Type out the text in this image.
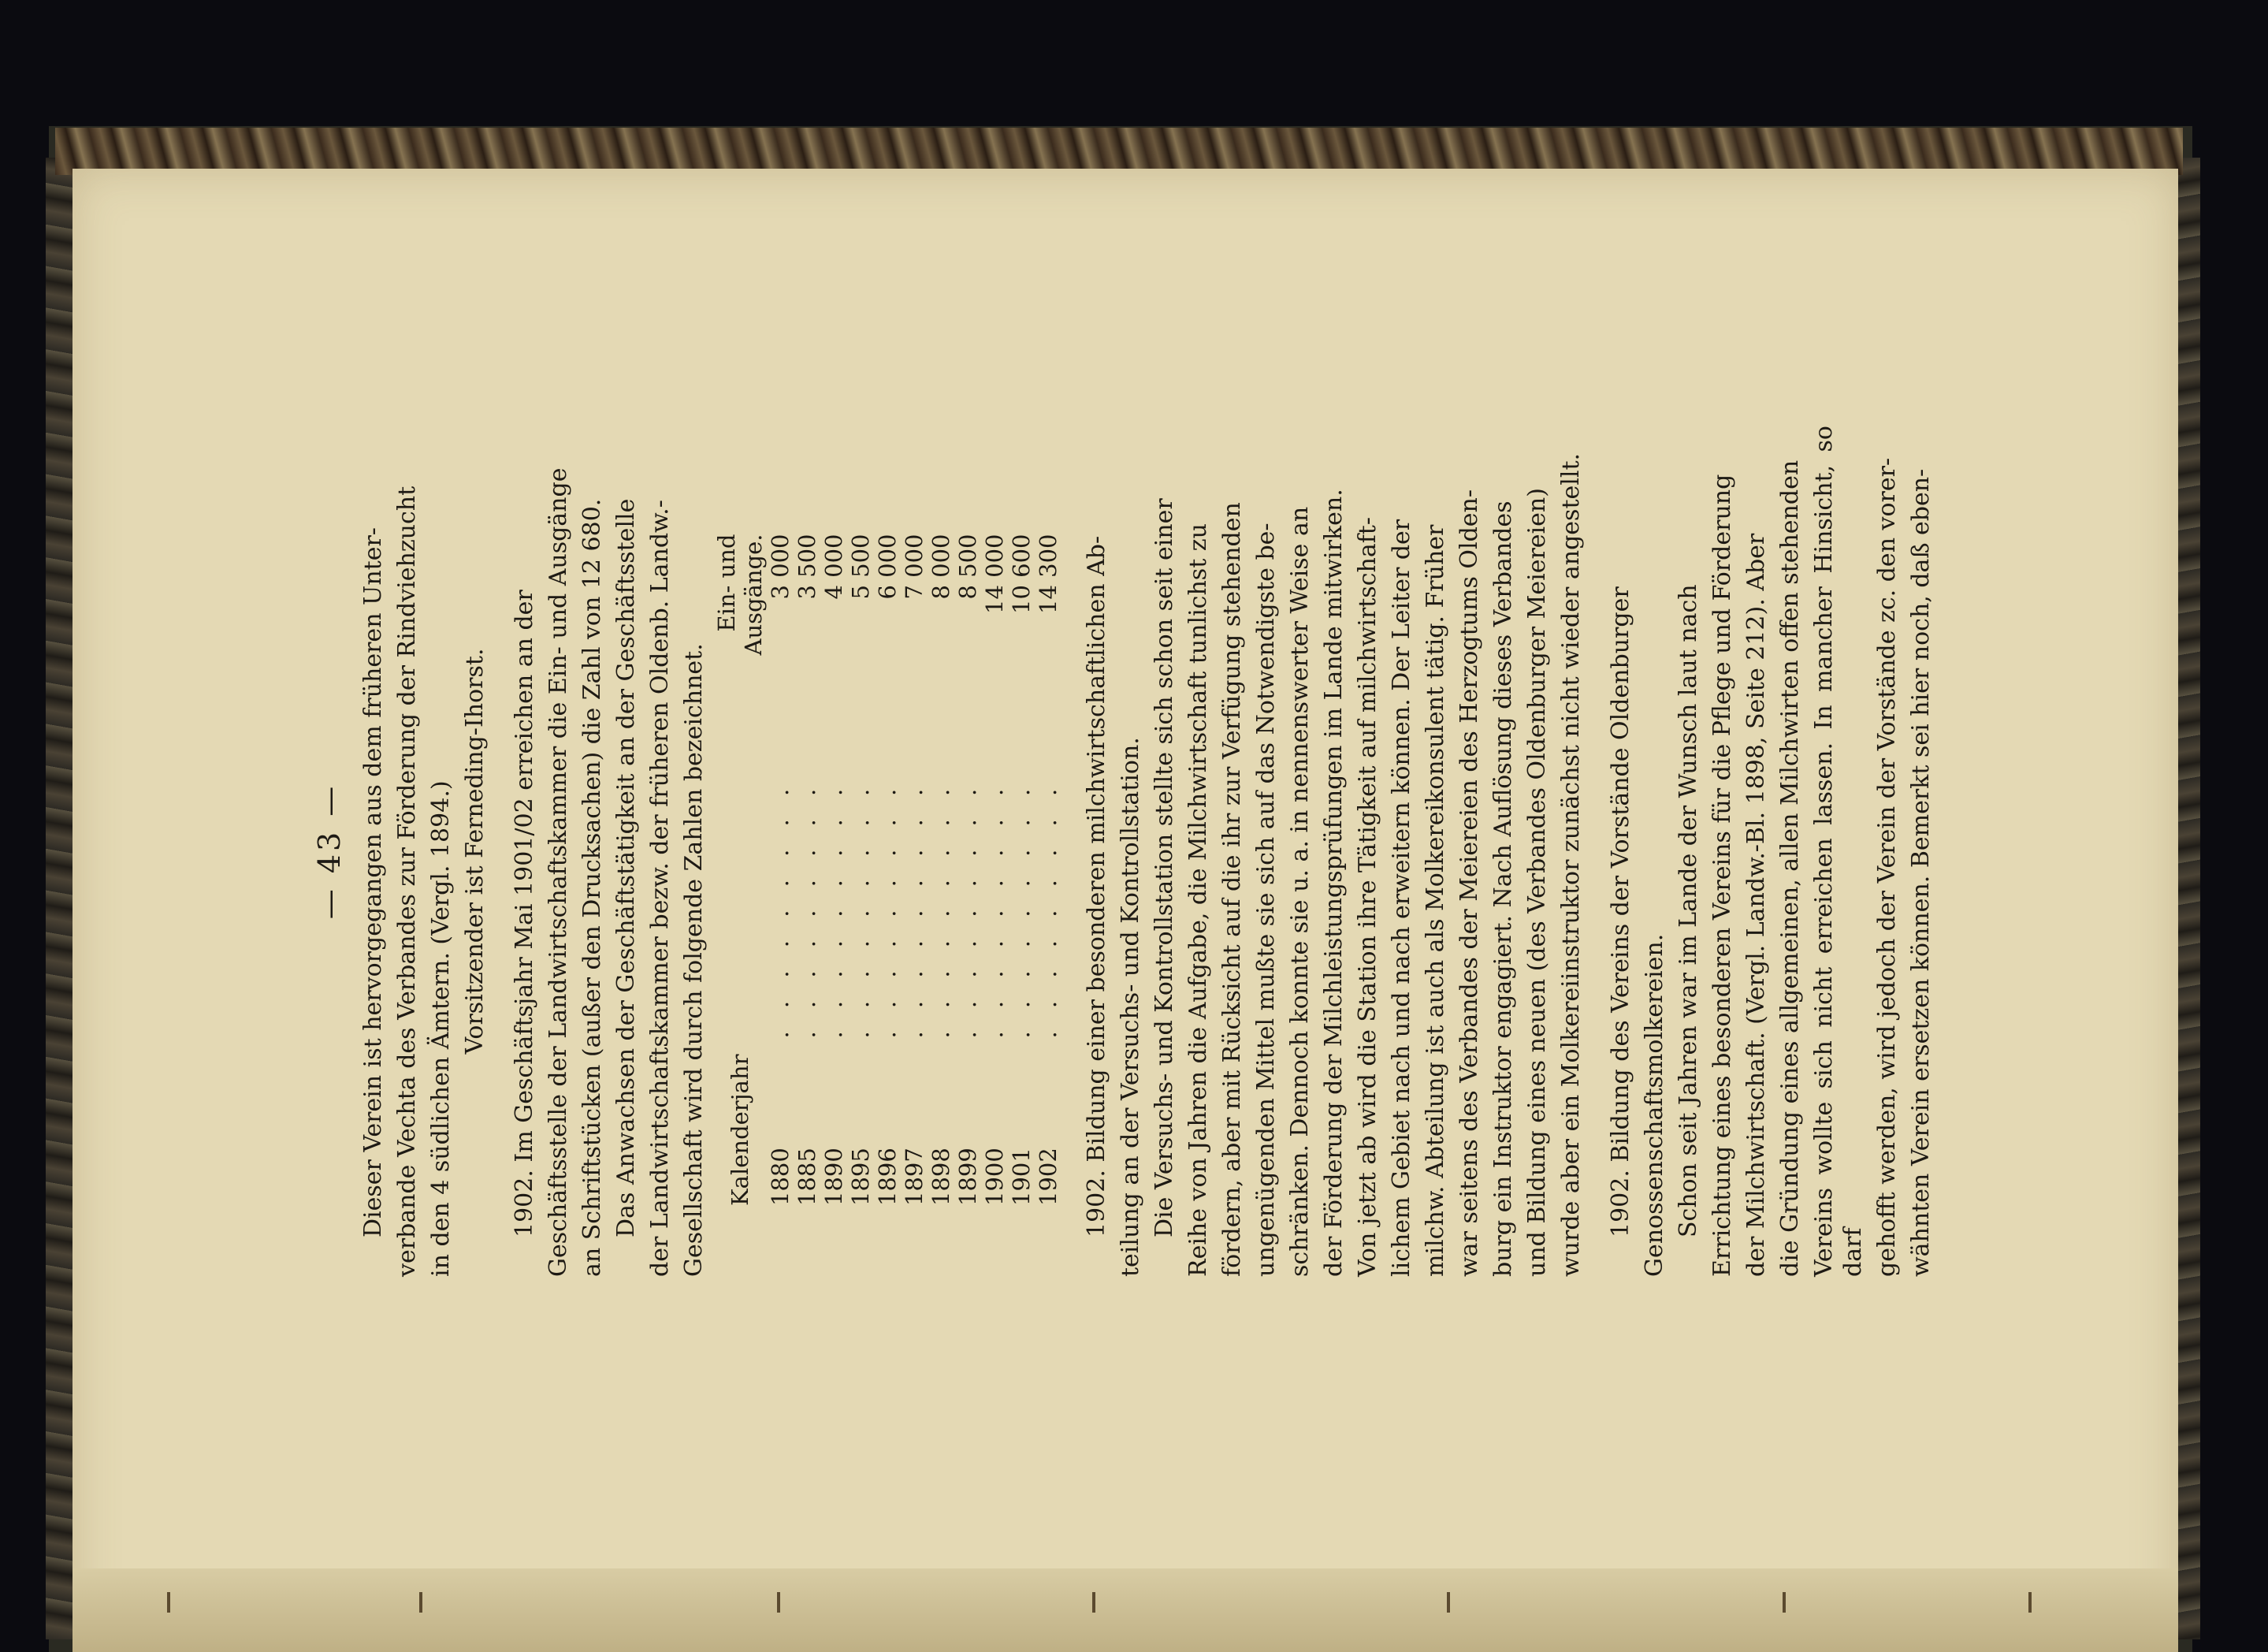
— 43 — Dieser Verein ist hervorgegangen aus dem früheren Unter- verbande Vechta des Verbandes zur Förderung der Rindviehzucht in den 4 südlichen Ämtern. (Vergl. 1894.) Vorsitzender ist Ferneding-Ihorst. 1902. Im Geschäftsjahr Mai 1901/02 erreichen an der Geschäftsstelle der Landwirtschaftskammer die Ein- und Ausgänge an Schriftstücken (außer den Drucksachen) die Zahl von 12 680. Das Anwachsen der Geschäftstätigkeit an der Geschäftsstelle der Landwirtschaftskammer bezw. der früheren Oldenb. Landw.- Gesellschaft wird durch folgende Zahlen bezeichnet. Kalenderjahr		Ein- und Ausgänge.
1880	. . . . . . . . .	3 000
1885	. . . . . . . . .	3 500
1890	. . . . . . . . .	4 000
1895	. . . . . . . . .	5 500
1896	. . . . . . . . .	6 000
1897	. . . . . . . . .	7 000
1898	. . . . . . . . .	8 000
1899	. . . . . . . . .	8 500
1900	. . . . . . . . .	14 000
1901	. . . . . . . . .	10 600
1902	. . . . . . . . .	14 300 1902. Bildung einer besonderen milchwirtschaftlichen Ab- teilung an der Versuchs- und Kontrollstation. Die Versuchs- und Kontrollstation stellte sich schon seit einer Reihe von Jahren die Aufgabe, die Milchwirtschaft tunlichst zu fördern, aber mit Rücksicht auf die ihr zur Verfügung stehenden ungenügenden Mittel mußte sie sich auf das Notwendigste be- schränken. Dennoch konnte sie u. a. in nennenswerter Weise an der Förderung der Milchleistungsprüfungen im Lande mitwirken. Von jetzt ab wird die Station ihre Tätigkeit auf milchwirtschaft- lichem Gebiet nach und nach erweitern können. Der Leiter der milchw. Abteilung ist auch als Molkereikonsulent tätig. Früher war seitens des Verbandes der Meiereien des Herzogtums Olden- burg ein Instruktor engagiert. Nach Auflösung dieses Verbandes und Bildung eines neuen (des Verbandes Oldenburger Meiereien) wurde aber ein Molkereiinstruktor zunächst nicht wieder angestellt. 1902. Bildung des Vereins der Vorstände Oldenburger Genossenschaftsmolkereien. Schon seit Jahren war im Lande der Wunsch laut nach Errichtung eines besonderen Vereins für die Pflege und Förderung der Milchwirtschaft. (Vergl. Landw.-Bl. 1898, Seite 212). Aber die Gründung eines allgemeinen, allen Milchwirten offen stehenden Vereins wollte sich nicht erreichen lassen. In mancher Hinsicht, so darf gehofft werden, wird jedoch der Verein der Vorstände zc. den vorer- wähnten Verein ersetzen können. Bemerkt sei hier noch, daß eben-
